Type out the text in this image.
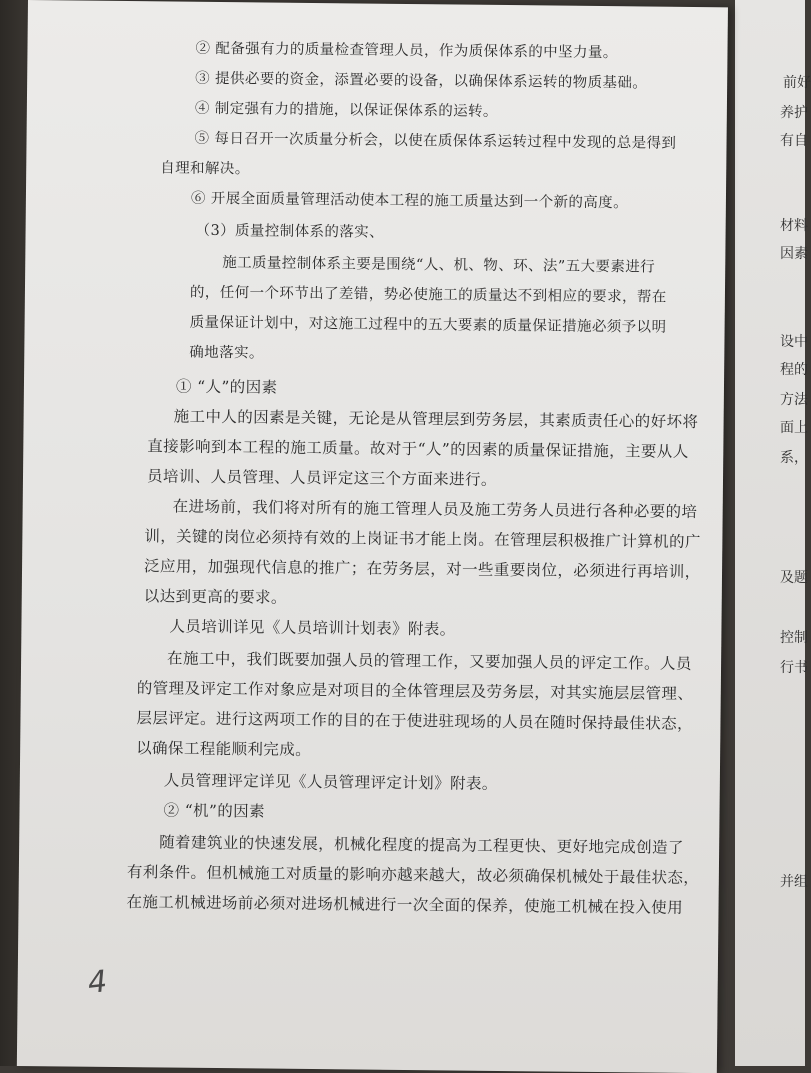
前好
养护
有自
材料
因素
设中
程的
方法
面上
系，
及题
控制
行书
并组
② 配备强有力的质量检查管理人员，作为质保体系的中坚力量。
③ 提供必要的资金，添置必要的设备，以确保体系运转的物质基础。
④ 制定强有力的措施，以保证保体系的运转。
⑤ 每日召开一次质量分析会，以使在质保体系运转过程中发现的总是得到
自理和解决。
⑥ 开展全面质量管理活动使本工程的施工质量达到一个新的高度。
（3）质量控制体系的落实、
施工质量控制体系主要是围绕“人、机、物、环、法”五大要素进行
的，任何一个环节出了差错，势必使施工的质量达不到相应的要求，帮在
质量保证计划中，对这施工过程中的五大要素的质量保证措施必须予以明
确地落实。
① “人”的因素
施工中人的因素是关键，无论是从管理层到劳务层，其素质责任心的好坏将
直接影响到本工程的施工质量。故对于“人”的因素的质量保证措施，主要从人
员培训、人员管理、人员评定这三个方面来进行。
在进场前，我们将对所有的施工管理人员及施工劳务人员进行各种必要的培
训，关键的岗位必须持有效的上岗证书才能上岗。在管理层积极推广计算机的广
泛应用，加强现代信息的推广；在劳务层，对一些重要岗位，必须进行再培训，
以达到更高的要求。
人员培训详见《人员培训计划表》附表。
在施工中，我们既要加强人员的管理工作，又要加强人员的评定工作。人员
的管理及评定工作对象应是对项目的全体管理层及劳务层，对其实施层层管理、
层层评定。进行这两项工作的目的在于使进驻现场的人员在随时保持最佳状态，
以确保工程能顺利完成。
人员管理评定详见《人员管理评定计划》附表。
② “机”的因素
随着建筑业的快速发展，机械化程度的提高为工程更快、更好地完成创造了
有利条件。但机械施工对质量的影响亦越来越大，故必须确保机械处于最佳状态，
在施工机械进场前必须对进场机械进行一次全面的保养，使施工机械在投入使用
4
